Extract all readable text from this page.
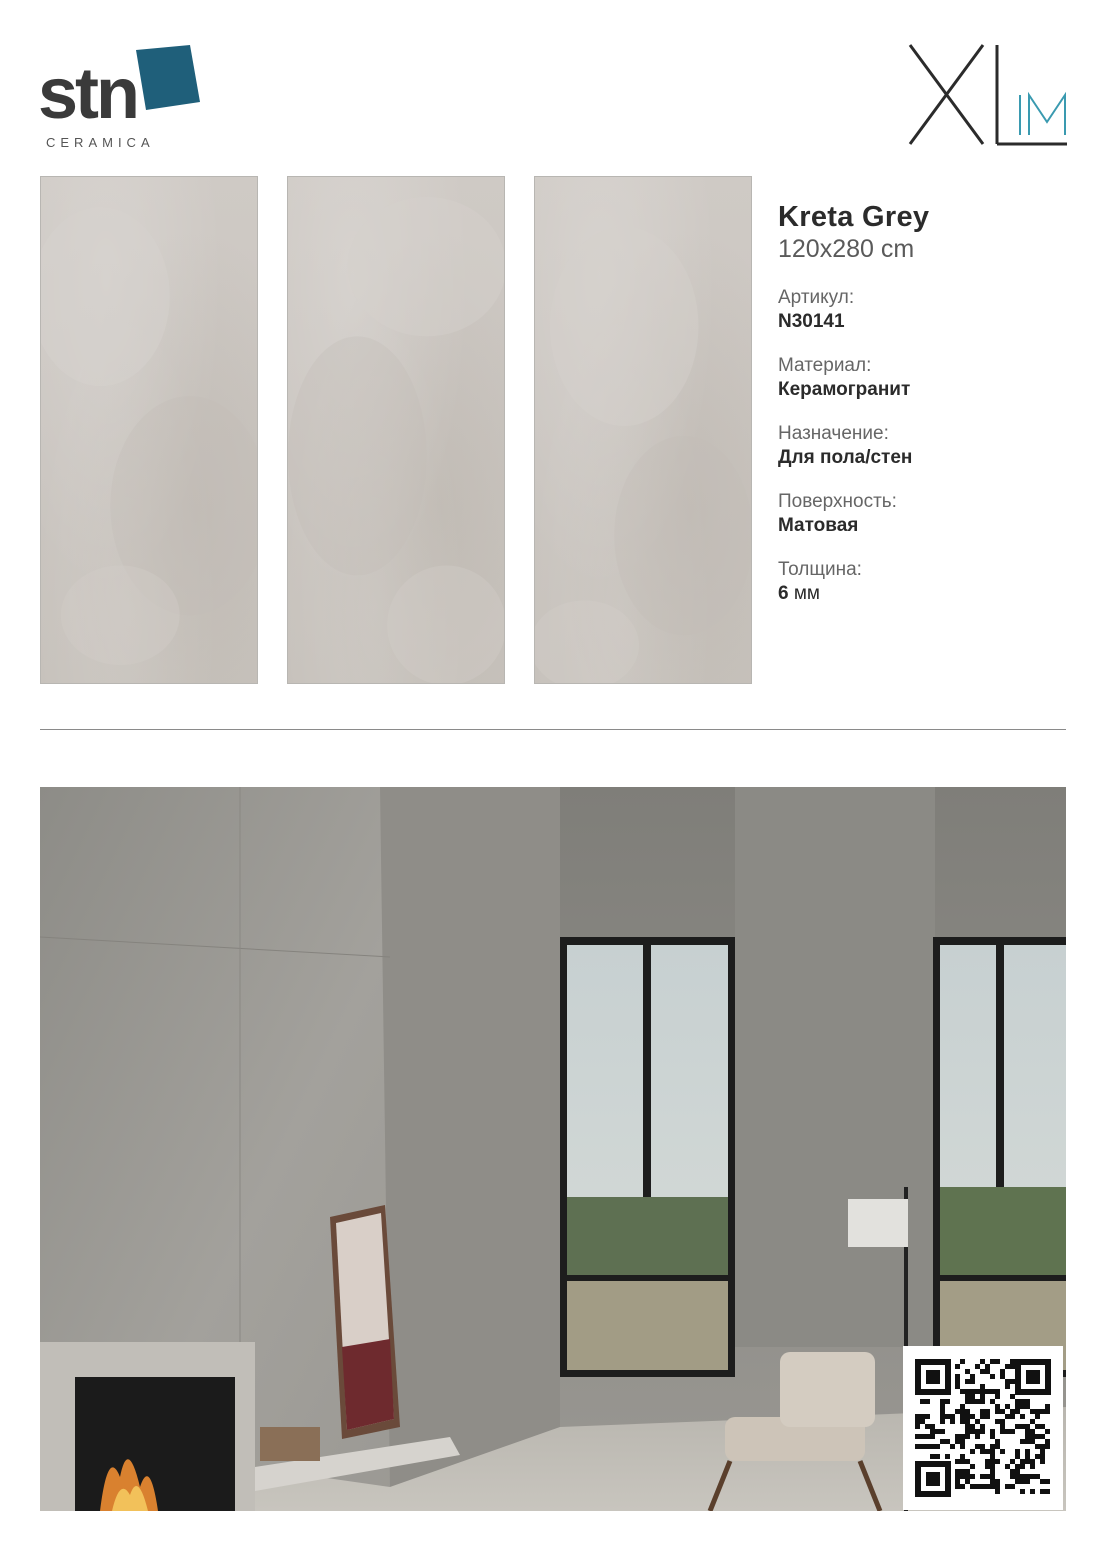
stn
CERAMICA
Kreta Grey
120x280 cm
Артикул:
N30141
Материал:
Керамогранит
Назначение:
Для пола/стен
Поверхность:
Матовая
Толщина:
6 мм
